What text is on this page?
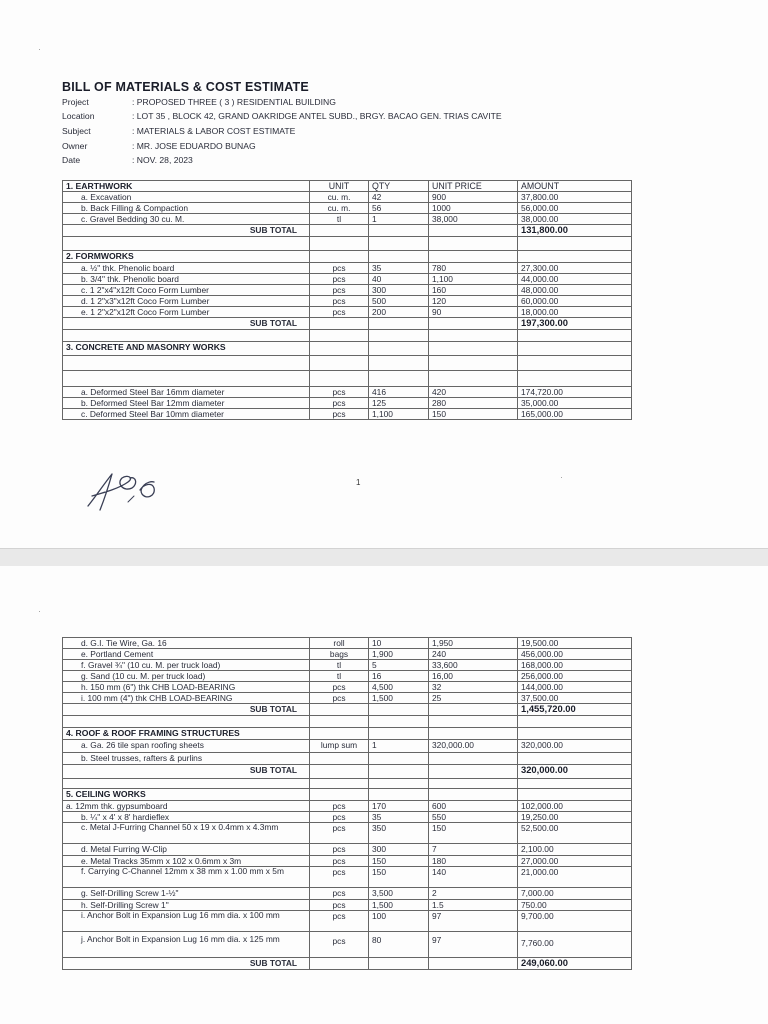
·
BILL OF MATERIALS & COST ESTIMATE
Project	: PROPOSED THREE ( 3 ) RESIDENTIAL BUILDING
Location	: LOT 35 , BLOCK 42, GRAND OAKRIDGE ANTEL SUBD., BRGY. BACAO GEN. TRIAS CAVITE
Subject	: MATERIALS & LABOR COST ESTIMATE
Owner	: MR. JOSE EDUARDO BUNAG
Date	: NOV. 28, 2023
1. EARTHWORK	UNIT	QTY	UNIT PRICE	AMOUNT
a. Excavation	cu. m.	42	900	37,800.00
b. Back Filling & Compaction	cu. m.	56	1000	56,000.00
c. Gravel Bedding 30 cu. M.	tl	1	38,000	38,000.00
SUB TOTAL				131,800.00

2. FORMWORKS				
a. ½" thk. Phenolic board	pcs	35	780	27,300.00
b. 3/4" thk. Phenolic board	pcs	40	1,100	44,000.00
c. 1 2"x4"x12ft Coco Form Lumber	pcs	300	160	48,000.00
d. 1 2"x3"x12ft Coco Form Lumber	pcs	500	120	60,000.00
e. 1 2"x2"x12ft Coco Form Lumber	pcs	200	90	18,000.00
SUB TOTAL				197,300.00

3. CONCRETE AND MASONRY WORKS				

a. Deformed Steel Bar 16mm diameter	pcs	416	420	174,720.00
b. Deformed Steel Bar 12mm diameter	pcs	125	280	35,000.00
c. Deformed Steel Bar 10mm diameter	pcs	1,100	150	165,000.00
1
·
·
d. G.I. Tie Wire, Ga. 16	roll	10	1,950	19,500.00
e. Portland Cement	bags	1,900	240	456,000.00
f. Gravel ¾" (10 cu. M. per truck load)	tl	5	33,600	168,000.00
g. Sand (10 cu. M. per truck load)	tl	16	16,00	256,000.00
h. 150 mm (6") thk CHB LOAD-BEARING	pcs	4,500	32	144,000.00
i. 100 mm (4") thk CHB LOAD-BEARING	pcs	1,500	25	37,500.00
SUB TOTAL				1,455,720.00

4. ROOF & ROOF FRAMING STRUCTURES				
a. Ga. 26 tile span roofing sheets	lump sum	1	320,000.00	320,000.00
b. Steel trusses, rafters & purlins				
SUB TOTAL				320,000.00

5. CEILING WORKS				
a. 12mm thk. gypsumboard	pcs	170	600	102,000.00
b. ¼" x 4' x 8' hardieflex	pcs	35	550	19,250.00
c. Metal J-Furring Channel 50 x 19 x 0.4mm x 4.3mm	pcs	350	150	52,500.00
d. Metal Furring W-Clip	pcs	300	7	2,100.00
e. Metal Tracks 35mm x 102 x 0.6mm x 3m	pcs	150	180	27,000.00
f. Carrying C-Channel 12mm x 38 mm x 1.00 mm x 5m	pcs	150	140	21,000.00
g. Self-Drilling Screw 1-½"	pcs	3,500	2	7,000.00
h. Self-Drilling Screw 1"	pcs	1,500	1.5	750.00
i. Anchor Bolt in Expansion Lug 16 mm dia. x 100 mm	pcs	100	97	9,700.00
j. Anchor Bolt in Expansion Lug 16 mm dia. x 125 mm	pcs	80	97	7,760.00
SUB TOTAL				249,060.00
